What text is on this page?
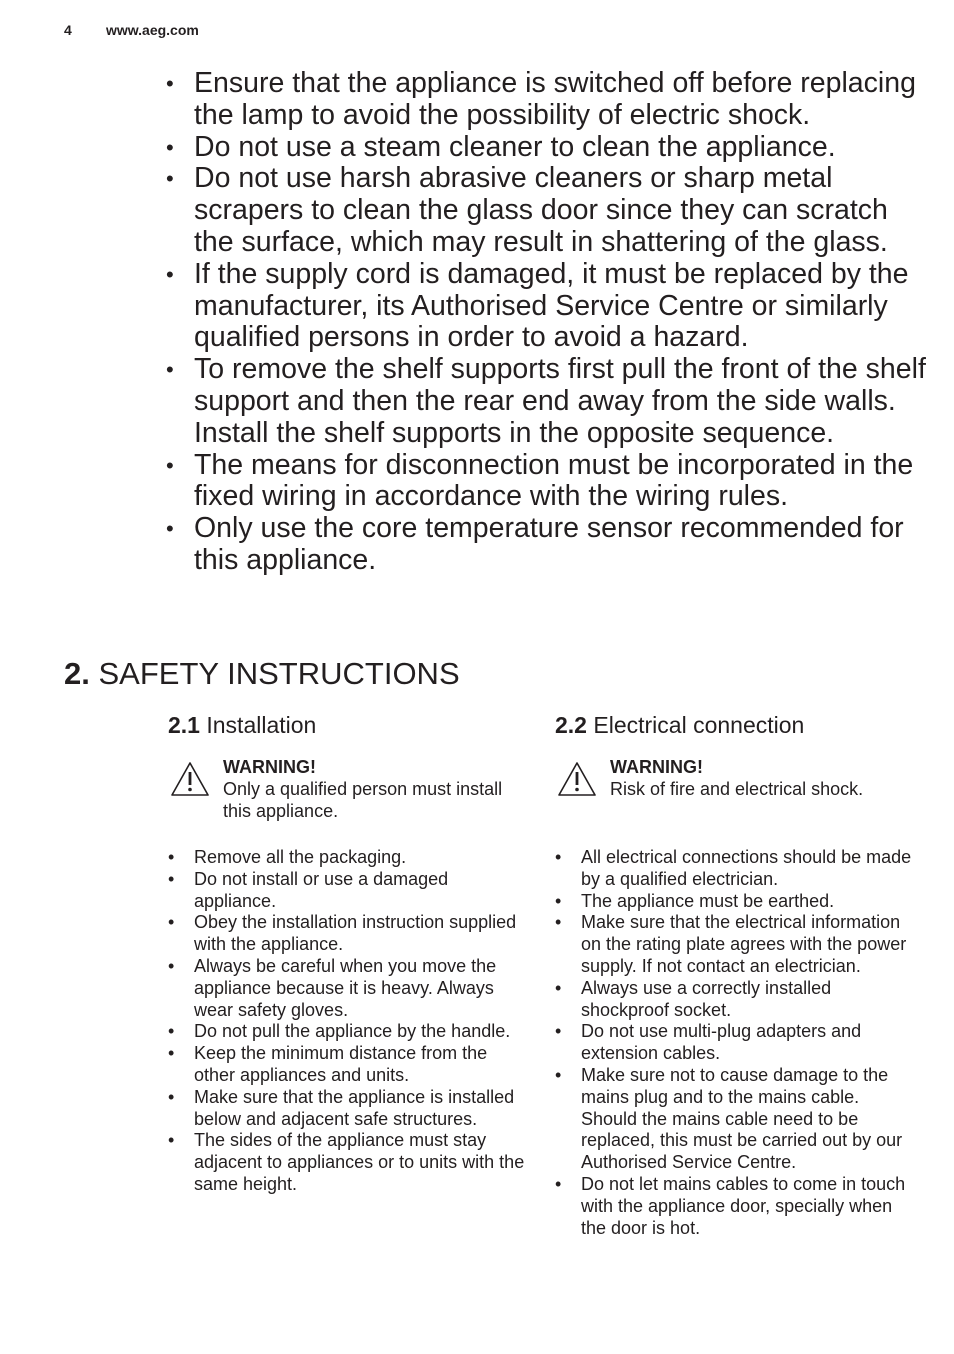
4 www.aeg.com
• Ensure that the appliance is switched off before replacing the lamp to avoid the possibility of electric shock.
• Do not use a steam cleaner to clean the appliance.
• Do not use harsh abrasive cleaners or sharp metal scrapers to clean the glass door since they can scratch the surface, which may result in shattering of the glass.
• If the supply cord is damaged, it must be replaced by the manufacturer, its Authorised Service Centre or similarly qualified persons in order to avoid a hazard.
• To remove the shelf supports first pull the front of the shelf support and then the rear end away from the side walls. Install the shelf supports in the opposite sequence.
• The means for disconnection must be incorporated in the fixed wiring in accordance with the wiring rules.
• Only use the core temperature sensor recommended for this appliance.
2. SAFETY INSTRUCTIONS
2.1 Installation
WARNING!
Only a qualified person must install this appliance.
• Remove all the packaging.
• Do not install or use a damaged appliance.
• Obey the installation instruction supplied with the appliance.
• Always be careful when you move the appliance because it is heavy. Always wear safety gloves.
• Do not pull the appliance by the handle.
• Keep the minimum distance from the other appliances and units.
• Make sure that the appliance is installed below and adjacent safe structures.
• The sides of the appliance must stay adjacent to appliances or to units with the same height.
2.2 Electrical connection
WARNING!
Risk of fire and electrical shock.
• All electrical connections should be made by a qualified electrician.
• The appliance must be earthed.
• Make sure that the electrical information on the rating plate agrees with the power supply. If not contact an electrician.
• Always use a correctly installed shockproof socket.
• Do not use multi-plug adapters and extension cables.
• Make sure not to cause damage to the mains plug and to the mains cable. Should the mains cable need to be replaced, this must be carried out by our Authorised Service Centre.
• Do not let mains cables to come in touch with the appliance door, specially when the door is hot.
